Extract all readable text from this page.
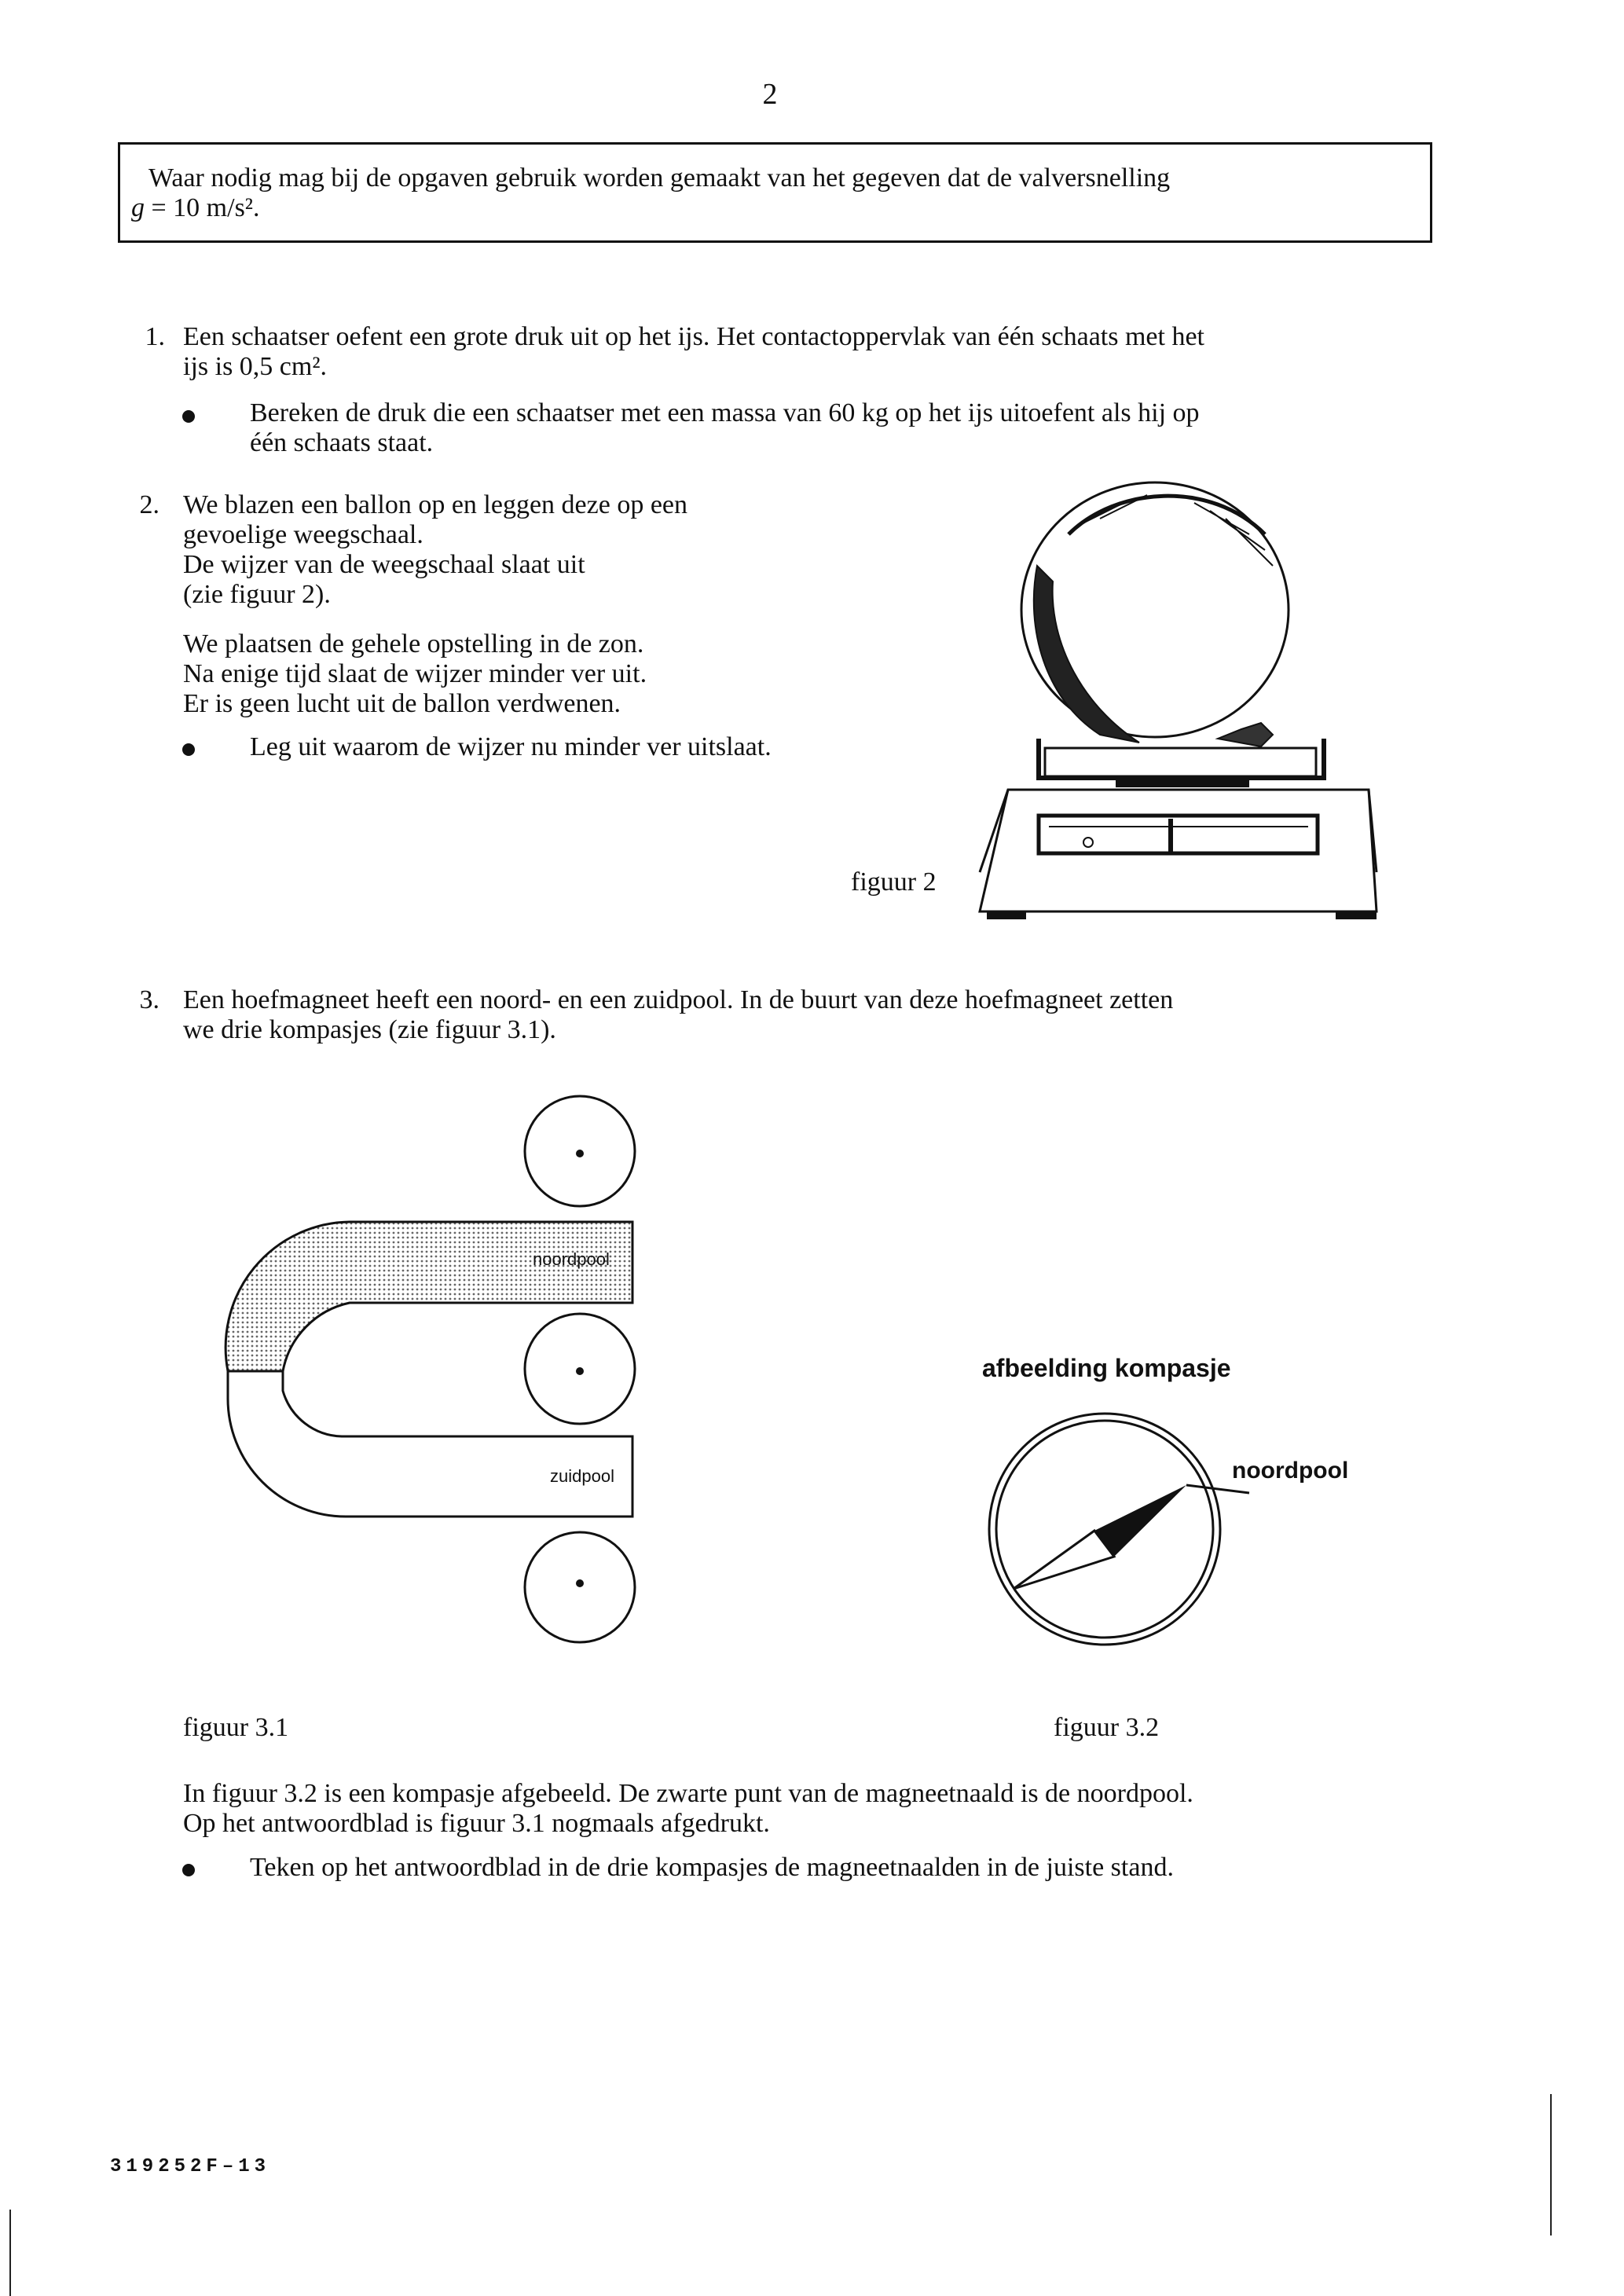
2
Waar nodig mag bij de opgaven gebruik worden gemaakt van het gegeven dat de valversnelling
g = 10 m/s².
1. Een schaatser oefent een grote druk uit op het ijs. Het contactoppervlak van één schaats met het
ijs is 0,5 cm².
Bereken de druk die een schaatser met een massa van 60 kg op het ijs uitoefent als hij op
één schaats staat.
2. We blazen een ballon op en leggen deze op een
gevoelige weegschaal.
De wijzer van de weegschaal slaat uit
(zie figuur 2).
We plaatsen de gehele opstelling in de zon.
Na enige tijd slaat de wijzer minder ver uit.
Er is geen lucht uit de ballon verdwenen.
Leg uit waarom de wijzer nu minder ver uitslaat.
figuur 2
3. Een hoefmagneet heeft een noord- en een zuidpool. In de buurt van deze hoefmagneet zetten
we drie kompasjes (zie figuur 3.1).
noordpool
zuidpool
figuur 3.1
afbeelding kompasje
noordpool
figuur 3.2
In figuur 3.2 is een kompasje afgebeeld. De zwarte punt van de magneetnaald is de noordpool.
Op het antwoordblad is figuur 3.1 nogmaals afgedrukt.
Teken op het antwoordblad in de drie kompasjes de magneetnaalden in de juiste stand.
319252F–13
